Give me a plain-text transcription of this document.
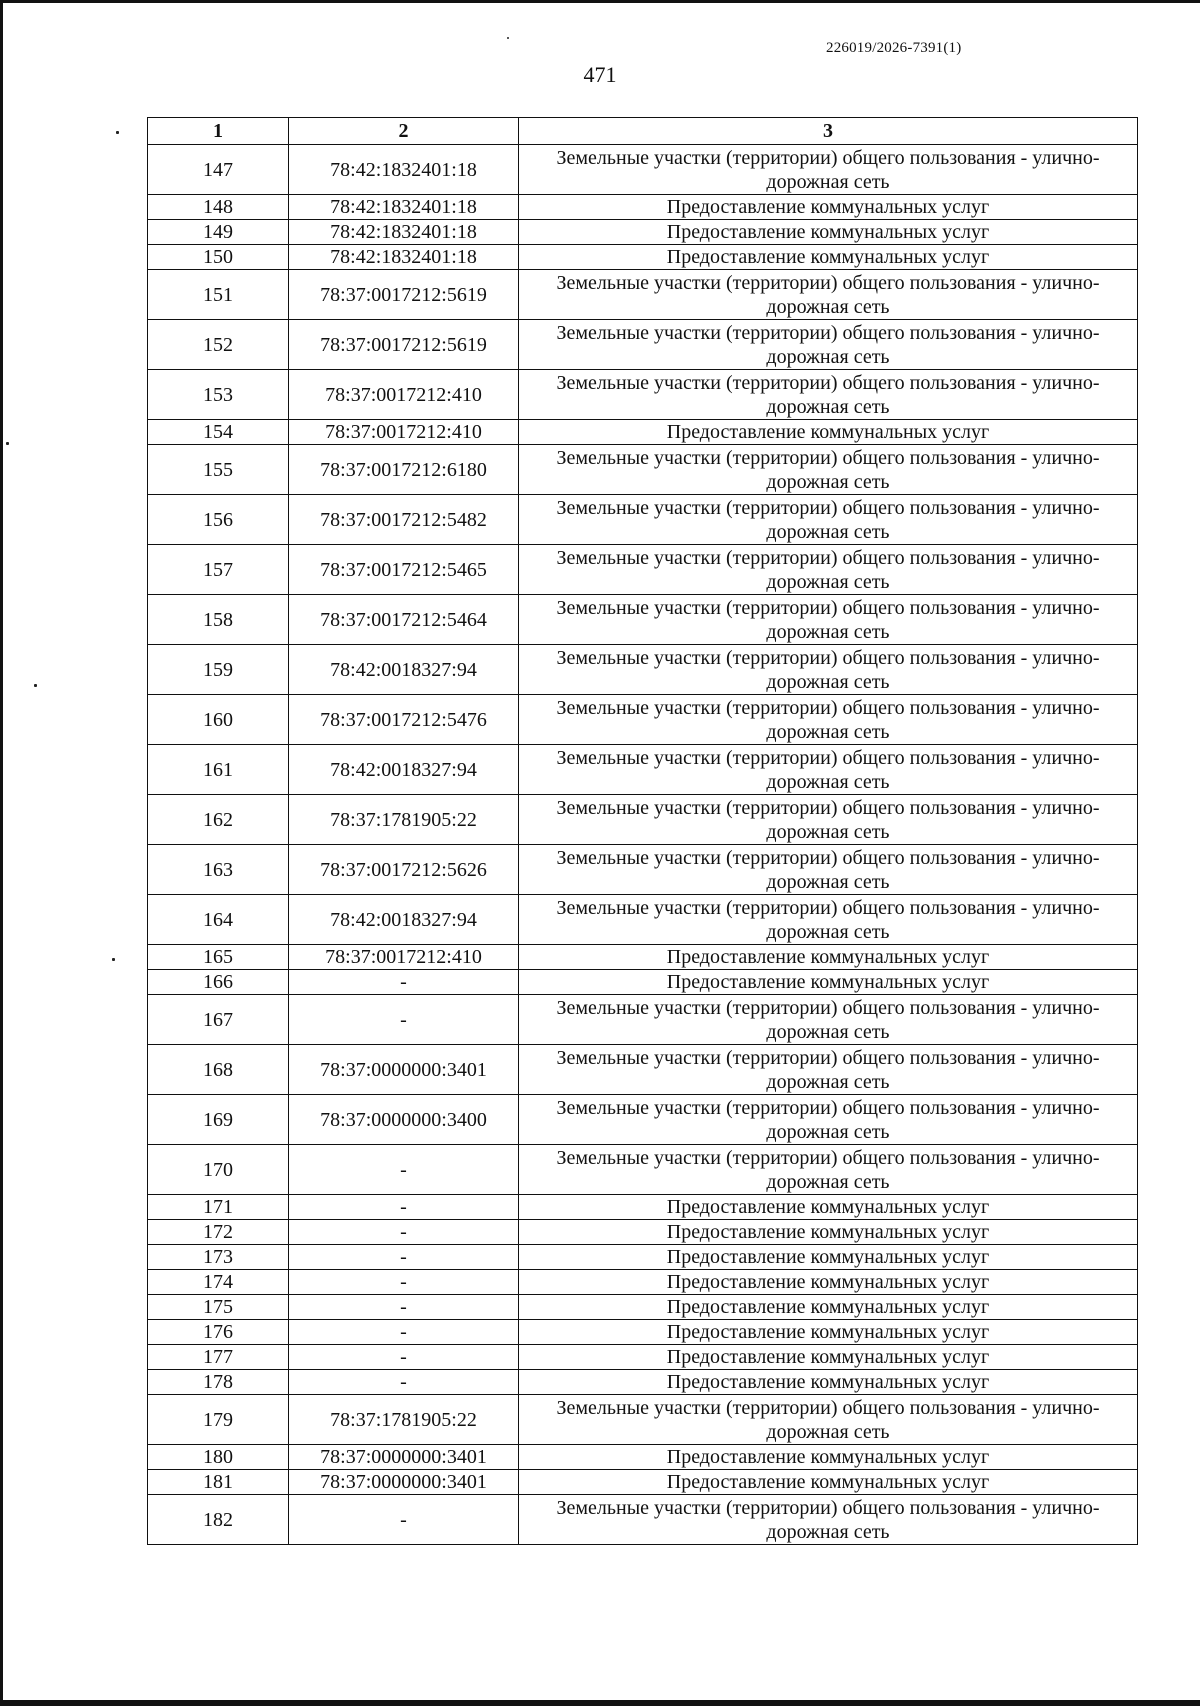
226019/2026-7391(1)
471
1	2	3
147	78:42:1832401:18	Земельные участки (территории) общего пользования - улично-дорожная сеть
148	78:42:1832401:18	Предоставление коммунальных услуг
149	78:42:1832401:18	Предоставление коммунальных услуг
150	78:42:1832401:18	Предоставление коммунальных услуг
151	78:37:0017212:5619	Земельные участки (территории) общего пользования - улично-дорожная сеть
152	78:37:0017212:5619	Земельные участки (территории) общего пользования - улично-дорожная сеть
153	78:37:0017212:410	Земельные участки (территории) общего пользования - улично-дорожная сеть
154	78:37:0017212:410	Предоставление коммунальных услуг
155	78:37:0017212:6180	Земельные участки (территории) общего пользования - улично-дорожная сеть
156	78:37:0017212:5482	Земельные участки (территории) общего пользования - улично-дорожная сеть
157	78:37:0017212:5465	Земельные участки (территории) общего пользования - улично-дорожная сеть
158	78:37:0017212:5464	Земельные участки (территории) общего пользования - улично-дорожная сеть
159	78:42:0018327:94	Земельные участки (территории) общего пользования - улично-дорожная сеть
160	78:37:0017212:5476	Земельные участки (территории) общего пользования - улично-дорожная сеть
161	78:42:0018327:94	Земельные участки (территории) общего пользования - улично-дорожная сеть
162	78:37:1781905:22	Земельные участки (территории) общего пользования - улично-дорожная сеть
163	78:37:0017212:5626	Земельные участки (территории) общего пользования - улично-дорожная сеть
164	78:42:0018327:94	Земельные участки (территории) общего пользования - улично-дорожная сеть
165	78:37:0017212:410	Предоставление коммунальных услуг
166	-	Предоставление коммунальных услуг
167	-	Земельные участки (территории) общего пользования - улично-дорожная сеть
168	78:37:0000000:3401	Земельные участки (территории) общего пользования - улично-дорожная сеть
169	78:37:0000000:3400	Земельные участки (территории) общего пользования - улично-дорожная сеть
170	-	Земельные участки (территории) общего пользования - улично-дорожная сеть
171	-	Предоставление коммунальных услуг
172	-	Предоставление коммунальных услуг
173	-	Предоставление коммунальных услуг
174	-	Предоставление коммунальных услуг
175	-	Предоставление коммунальных услуг
176	-	Предоставление коммунальных услуг
177	-	Предоставление коммунальных услуг
178	-	Предоставление коммунальных услуг
179	78:37:1781905:22	Земельные участки (территории) общего пользования - улично-дорожная сеть
180	78:37:0000000:3401	Предоставление коммунальных услуг
181	78:37:0000000:3401	Предоставление коммунальных услуг
182	-	Земельные участки (территории) общего пользования - улично-дорожная сеть
